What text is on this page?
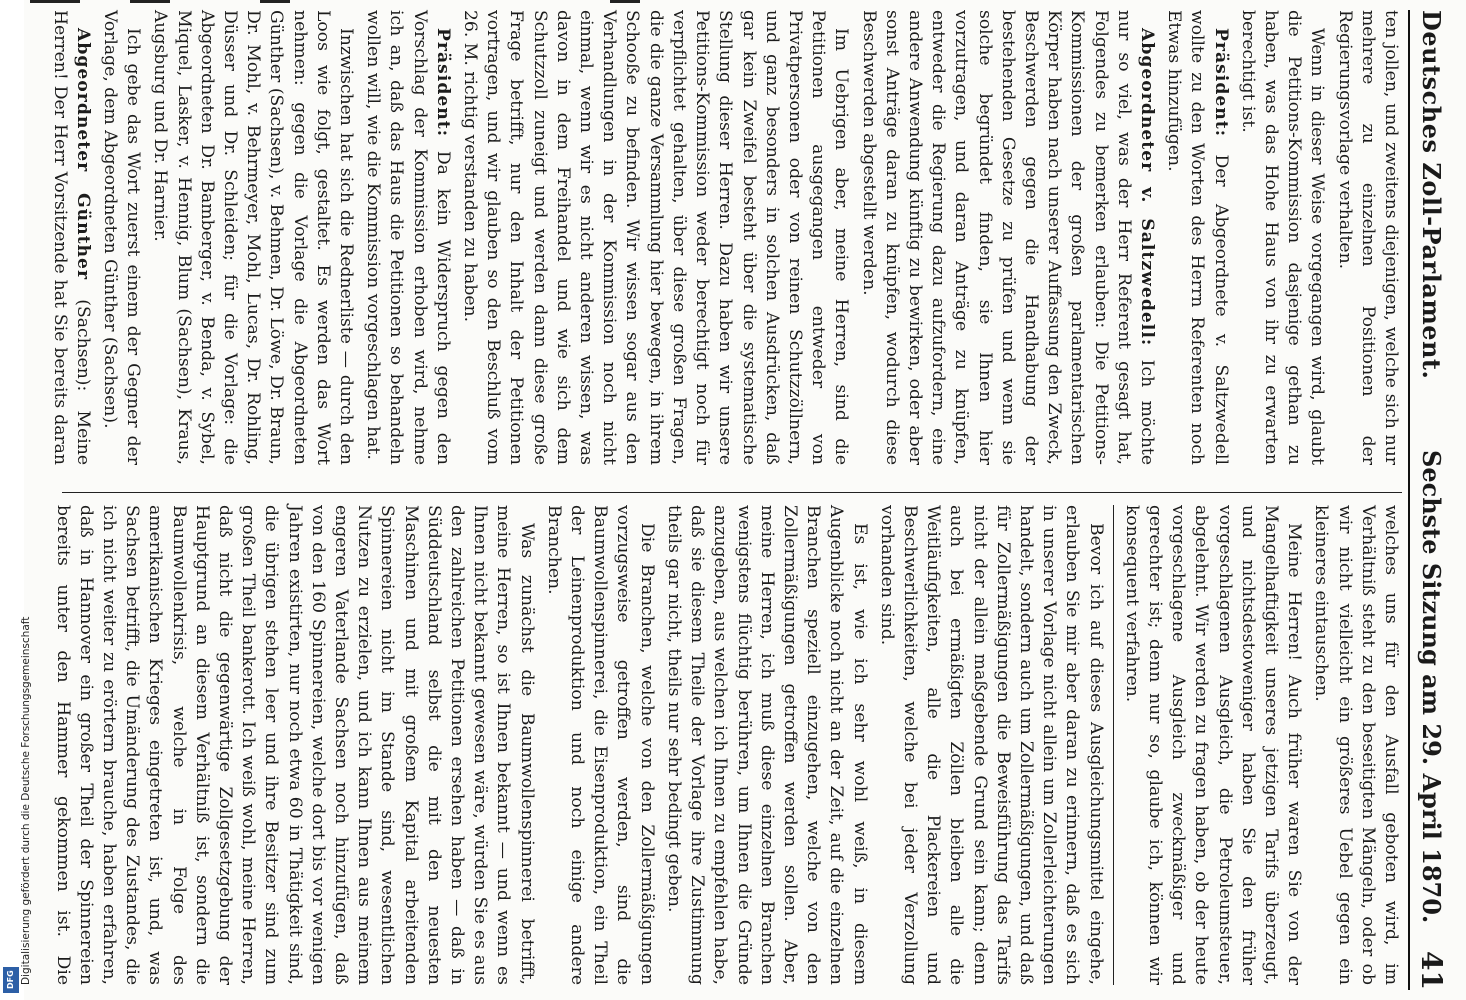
Digitalisierung gefördert durch die Deutsche Forschungsgemeinschaft
DFG
Deutsches Zoll-Parlament.
Sechste Sitzung am 29. April 1870.
41

ten jollen, und zweitens diejenigen, welche sich nur mehrere zu einzelnen Positionen der Regierungsvorlage verhalten.

Wenn in dieser Weise vorgegangen wird, glaubt die Petitions-Kommission dasjenige gethan zu haben, was das Hohe Haus von ihr zu erwarten berechtigt ist.

Präsident: Der Abgeordnete v. Saltzwedell wollte zu den Worten des Herrn Referenten noch Etwas hinzufügen.

Abgeordneter v. Saltzwedell: Ich möchte nur so viel, was der Herr Referent gesagt hat, Folgendes zu bemerken erlauben: Die Petitions-Kommissionen der großen parlamentarischen Körper haben nach unserer Auffassung den Zweck, Beschwerden gegen die Handhabung der bestehenden Gesetze zu prüfen und wenn sie solche begründet finden, sie Ihnen hier vorzutragen, und daran Anträge zu knüpfen, entweder die Regierung dazu aufzufordern, eine andere Anwendung künftig zu bewirken, oder aber sonst Anträge daran zu knüpfen, wodurch diese Beschwerden abgestellt werden.

Im Uebrigen aber, meine Herren, sind die Petitionen ausgegangen entweder von Privatpersonen oder von reinen Schutzzöllnern, und ganz besonders in solchen Ausdrücken, daß gar kein Zweifel besteht über die systematische Stellung dieser Herren. Dazu haben wir unsere Petitions-Kommission weder berechtigt noch für verpflichtet gehalten, über diese großen Fragen, die die ganze Versammlung hier bewegen, in ihrem Schooße zu befinden. Wir wissen sogar aus den Verhandlungen in der Kommission noch nicht einmal, wenn wir es nicht anderen wissen, was davon in dem Freihandel und wie sich dem Schutzzoll zuneigt und werden dann diese große Frage betrifft, nur den Inhalt der Petitionen vortragen, und wir glauben so den Beschluß vom 26. M. richtig verstanden zu haben.

Präsident: Da kein Widerspruch gegen den Vorschlag der Kommission erhoben wird, nehme ich an, daß das Haus die Petitionen so behandeln wollen will, wie die Kommission vorgeschlagen hat.

Inzwischen hat sich die Rednerliste — durch den Loos wie folgt, gestaltet. Es werden das Wort nehmen: gegen die Vorlage die Abgeordneten Günther (Sachsen), v. Behmen, Dr. Löwe, Dr. Braun, Dr. Mohl, v. Behrmeyer, Mohl, Lucas, Dr. Rohling, Düsser und Dr. Schleiden; für die Vorlage: die Abgeordneten Dr. Bamberger, v. Benda, v. Sybel, Miquel, Lasker, v. Hennig, Blum (Sachsen), Kraus, Augsburg und Dr. Harnier.

Ich gebe das Wort zuerst einem der Gegner der Vorlage, dem Abgeordneten Günther (Sachsen).

Abgeordneter Günther (Sachsen): Meine Herren! Der Herr Vorsitzende hat Sie bereits daran

welches uns für den Ausfall geboten wird, im Verhältniß steht zu den beseitigten Mängeln, oder ob wir nicht vielleicht ein größeres Uebel gegen ein kleineres eintauschen.

Meine Herren! Auch früher waren Sie von der Mangelhaftigkeit unseres jetzigen Tarifs überzeugt, und nichtsdestoweniger haben Sie den früher vorgeschlagenen Ausgleich, die Petroleumsteuer, abgelehnt. Wir werden zu fragen haben, ob der heute vorgeschlagene Ausgleich zweckmäßiger und gerechter ist; denn nur so, glaube ich, können wir konsequent verfahren.

Bevor ich auf dieses Ausgleichungsmittel eingehe, erlauben Sie mir aber daran zu erinnern, daß es sich in unserer Vorlage nicht allein um Zollerleichterungen handelt, sondern auch um Zollermäßigungen, und daß für Zollermäßigungen die Beweisführung das Tarifs nicht der allein maßgebende Grund sein kann; denn auch bei ermäßigten Zöllen bleiben alle die Weitläufigkeiten, alle die Plackereien und Beschwerlichkeiten, welche bei jeder Verzollung vorhanden sind.

Es ist, wie ich sehr wohl weiß, in diesem Augenblicke noch nicht an der Zeit, auf die einzelnen Branchen speziell einzugehen, welche von den Zollermäßigungen getroffen werden sollen. Aber, meine Herren, ich muß diese einzelnen Branchen wenigstens flüchtig berühren, um Ihnen die Gründe anzugeben, aus welchen ich Ihnen zu empfehlen habe, daß sie diesem Theile der Vorlage ihre Zustimmung theils gar nicht, theils nur sehr bedingt geben.

Die Branchen, welche von den Zollermäßigungen vorzugsweise getroffen werden, sind die Baumwollenspinnerei, die Eisenproduktion, ein Theil der Leinenproduktion und noch einige andere Branchen.

Was zunächst die Baumwollenspinnerei betrifft, meine Herren, so ist Ihnen bekannt — und wenn es Ihnen nicht bekannt gewesen wäre, würden Sie es aus den zahlreichen Petitionen ersehen haben — daß in Süddeutschland selbst die mit den neuesten Maschinen und mit großem Kapital arbeitenden Spinnereien nicht im Stande sind, wesentlichen Nutzen zu erzielen, und ich kann Ihnen aus meinem engeren Vaterlande Sachsen noch hinzufügen, daß von den 160 Spinnereien, welche dort bis vor wenigen Jahren existirten, nur noch etwa 60 in Thätigkeit sind, die übrigen stehen leer und ihre Besitzer sind zum großen Theil bankerott. Ich weiß wohl, meine Herren, daß nicht die gegenwärtige Zollgesetzgebung der Hauptgrund an diesem Verhältniß ist, sondern die Baumwollenkrisis, welche in Folge des amerikanischen Krieges eingetreten ist, und, was Sachsen betrifft, die Umänderung des Zustandes, die ich nicht weiter zu erörtern brauche, haben erfahren, daß in Hannover ein großer Theil der Spinnereien bereits unter den Hammer gekommen ist. Die
